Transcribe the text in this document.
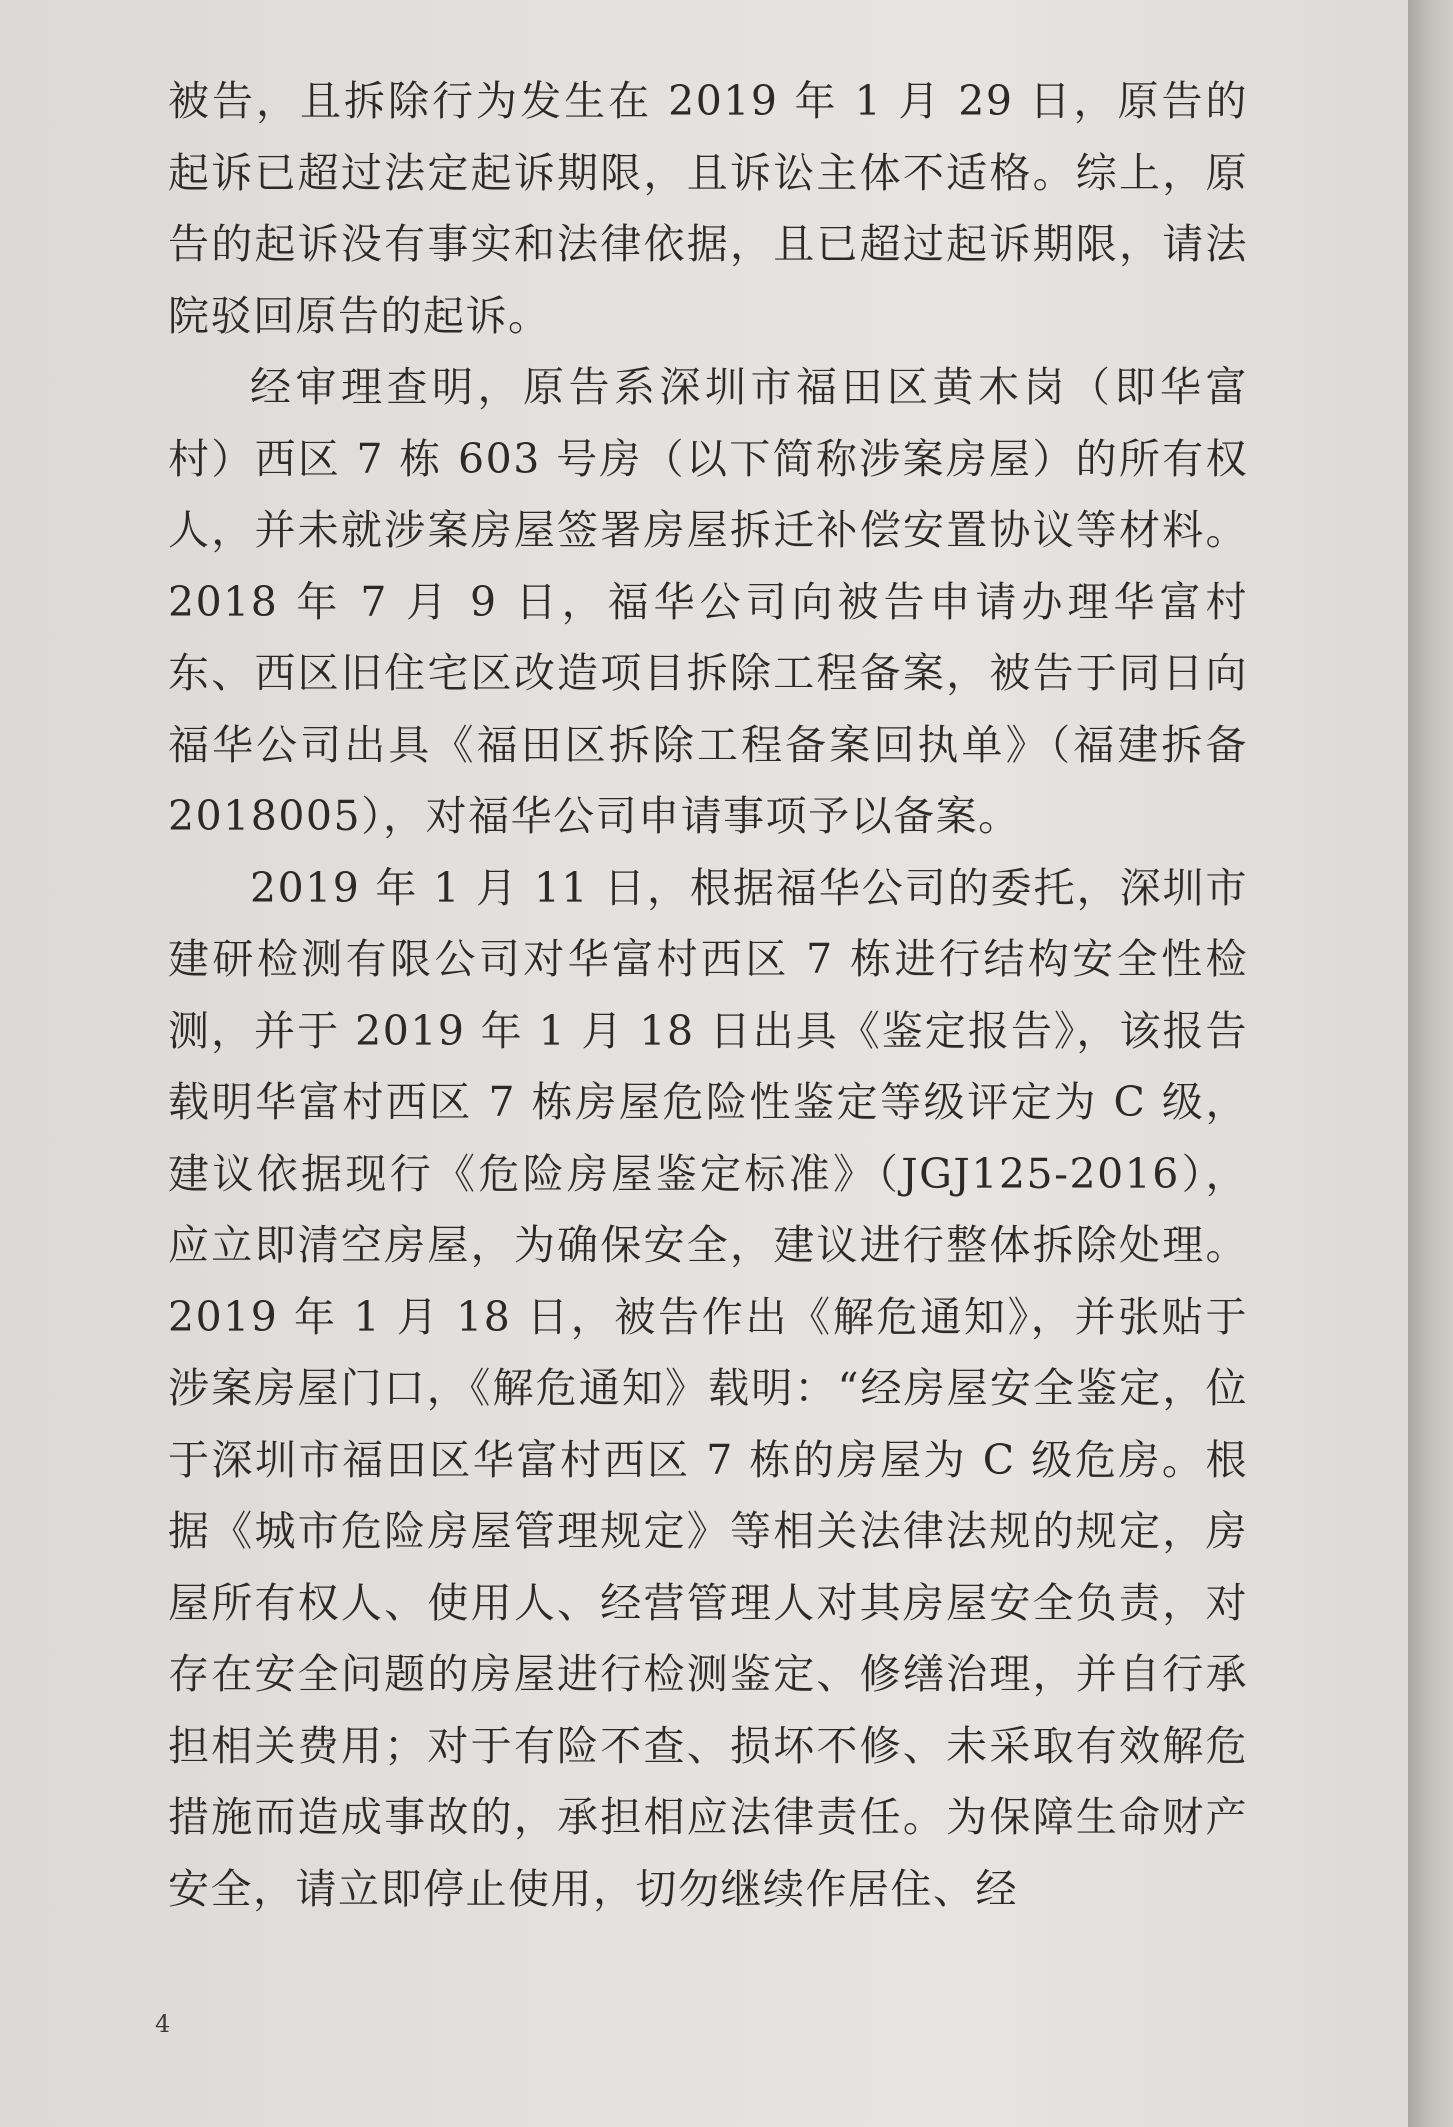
被告，且拆除行为发生在 2019 年 1 月 29 日，原告的起诉已超过法定起诉期限，且诉讼主体不适格。综上，原告的起诉没有事实和法律依据，且已超过起诉期限，请法院驳回原告的起诉。

经审理查明，原告系深圳市福田区黄木岗（即华富村）西区 7 栋 603 号房（以下简称涉案房屋）的所有权人，并未就涉案房屋签署房屋拆迁补偿安置协议等材料。2018 年 7 月 9 日，福华公司向被告申请办理华富村东、西区旧住宅区改造项目拆除工程备案，被告于同日向福华公司出具《福田区拆除工程备案回执单》（福建拆备 2018005），对福华公司申请事项予以备案。

2019 年 1 月 11 日，根据福华公司的委托，深圳市建研检测有限公司对华富村西区 7 栋进行结构安全性检测，并于 2019 年 1 月 18 日出具《鉴定报告》，该报告载明华富村西区 7 栋房屋危险性鉴定等级评定为 C 级，建议依据现行《危险房屋鉴定标准》（JGJ125-2016），应立即清空房屋，为确保安全，建议进行整体拆除处理。2019 年 1 月 18 日，被告作出《解危通知》，并张贴于涉案房屋门口，《解危通知》载明：“经房屋安全鉴定，位于深圳市福田区华富村西区 7 栋的房屋为 C 级危房。根据《城市危险房屋管理规定》等相关法律法规的规定，房屋所有权人、使用人、经营管理人对其房屋安全负责，对存在安全问题的房屋进行检测鉴定、修缮治理，并自行承担相关费用；对于有险不查、损坏不修、未采取有效解危措施而造成事故的，承担相应法律责任。为保障生命财产安全，请立即停止使用，切勿继续作居住、经

4
